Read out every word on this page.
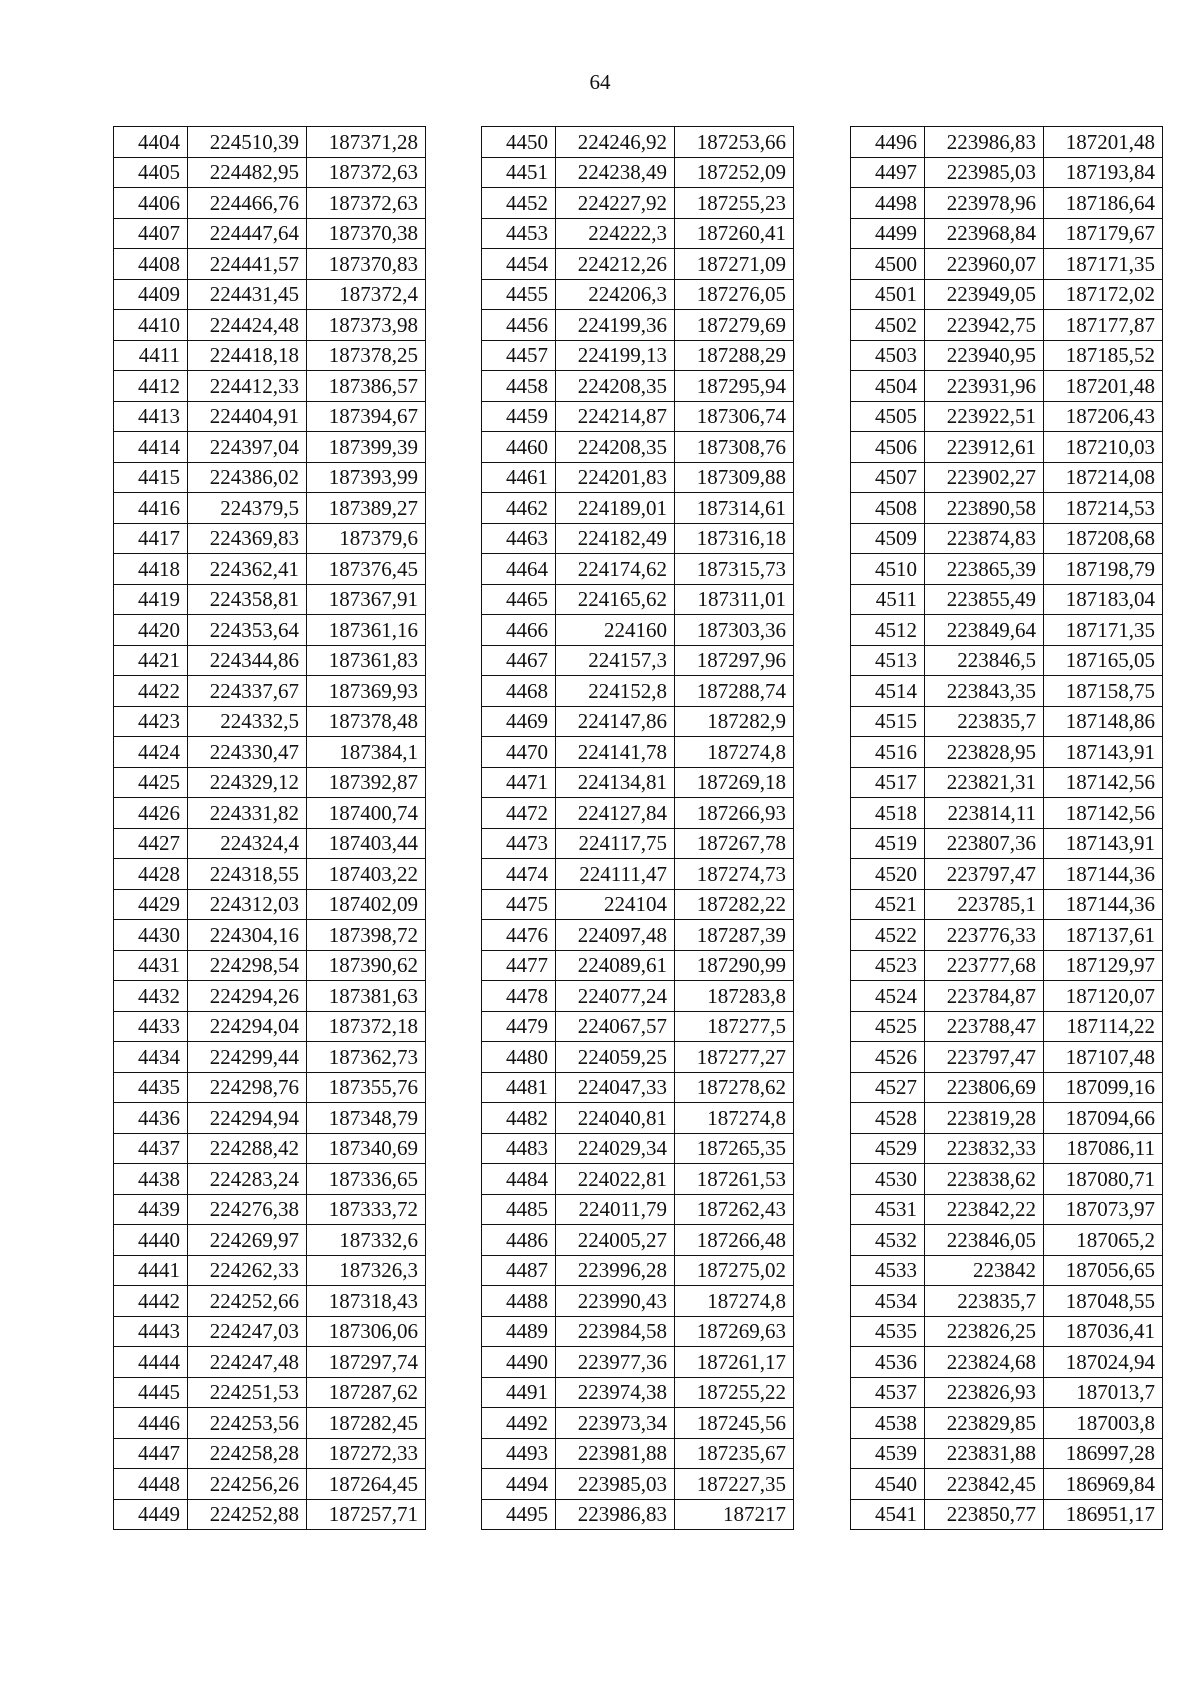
64
4404	224510,39	187371,28
4405	224482,95	187372,63
4406	224466,76	187372,63
4407	224447,64	187370,38
4408	224441,57	187370,83
4409	224431,45	187372,4
4410	224424,48	187373,98
4411	224418,18	187378,25
4412	224412,33	187386,57
4413	224404,91	187394,67
4414	224397,04	187399,39
4415	224386,02	187393,99
4416	224379,5	187389,27
4417	224369,83	187379,6
4418	224362,41	187376,45
4419	224358,81	187367,91
4420	224353,64	187361,16
4421	224344,86	187361,83
4422	224337,67	187369,93
4423	224332,5	187378,48
4424	224330,47	187384,1
4425	224329,12	187392,87
4426	224331,82	187400,74
4427	224324,4	187403,44
4428	224318,55	187403,22
4429	224312,03	187402,09
4430	224304,16	187398,72
4431	224298,54	187390,62
4432	224294,26	187381,63
4433	224294,04	187372,18
4434	224299,44	187362,73
4435	224298,76	187355,76
4436	224294,94	187348,79
4437	224288,42	187340,69
4438	224283,24	187336,65
4439	224276,38	187333,72
4440	224269,97	187332,6
4441	224262,33	187326,3
4442	224252,66	187318,43
4443	224247,03	187306,06
4444	224247,48	187297,74
4445	224251,53	187287,62
4446	224253,56	187282,45
4447	224258,28	187272,33
4448	224256,26	187264,45
4449	224252,88	187257,71
4450	224246,92	187253,66
4451	224238,49	187252,09
4452	224227,92	187255,23
4453	224222,3	187260,41
4454	224212,26	187271,09
4455	224206,3	187276,05
4456	224199,36	187279,69
4457	224199,13	187288,29
4458	224208,35	187295,94
4459	224214,87	187306,74
4460	224208,35	187308,76
4461	224201,83	187309,88
4462	224189,01	187314,61
4463	224182,49	187316,18
4464	224174,62	187315,73
4465	224165,62	187311,01
4466	224160	187303,36
4467	224157,3	187297,96
4468	224152,8	187288,74
4469	224147,86	187282,9
4470	224141,78	187274,8
4471	224134,81	187269,18
4472	224127,84	187266,93
4473	224117,75	187267,78
4474	224111,47	187274,73
4475	224104	187282,22
4476	224097,48	187287,39
4477	224089,61	187290,99
4478	224077,24	187283,8
4479	224067,57	187277,5
4480	224059,25	187277,27
4481	224047,33	187278,62
4482	224040,81	187274,8
4483	224029,34	187265,35
4484	224022,81	187261,53
4485	224011,79	187262,43
4486	224005,27	187266,48
4487	223996,28	187275,02
4488	223990,43	187274,8
4489	223984,58	187269,63
4490	223977,36	187261,17
4491	223974,38	187255,22
4492	223973,34	187245,56
4493	223981,88	187235,67
4494	223985,03	187227,35
4495	223986,83	187217
4496	223986,83	187201,48
4497	223985,03	187193,84
4498	223978,96	187186,64
4499	223968,84	187179,67
4500	223960,07	187171,35
4501	223949,05	187172,02
4502	223942,75	187177,87
4503	223940,95	187185,52
4504	223931,96	187201,48
4505	223922,51	187206,43
4506	223912,61	187210,03
4507	223902,27	187214,08
4508	223890,58	187214,53
4509	223874,83	187208,68
4510	223865,39	187198,79
4511	223855,49	187183,04
4512	223849,64	187171,35
4513	223846,5	187165,05
4514	223843,35	187158,75
4515	223835,7	187148,86
4516	223828,95	187143,91
4517	223821,31	187142,56
4518	223814,11	187142,56
4519	223807,36	187143,91
4520	223797,47	187144,36
4521	223785,1	187144,36
4522	223776,33	187137,61
4523	223777,68	187129,97
4524	223784,87	187120,07
4525	223788,47	187114,22
4526	223797,47	187107,48
4527	223806,69	187099,16
4528	223819,28	187094,66
4529	223832,33	187086,11
4530	223838,62	187080,71
4531	223842,22	187073,97
4532	223846,05	187065,2
4533	223842	187056,65
4534	223835,7	187048,55
4535	223826,25	187036,41
4536	223824,68	187024,94
4537	223826,93	187013,7
4538	223829,85	187003,8
4539	223831,88	186997,28
4540	223842,45	186969,84
4541	223850,77	186951,17
